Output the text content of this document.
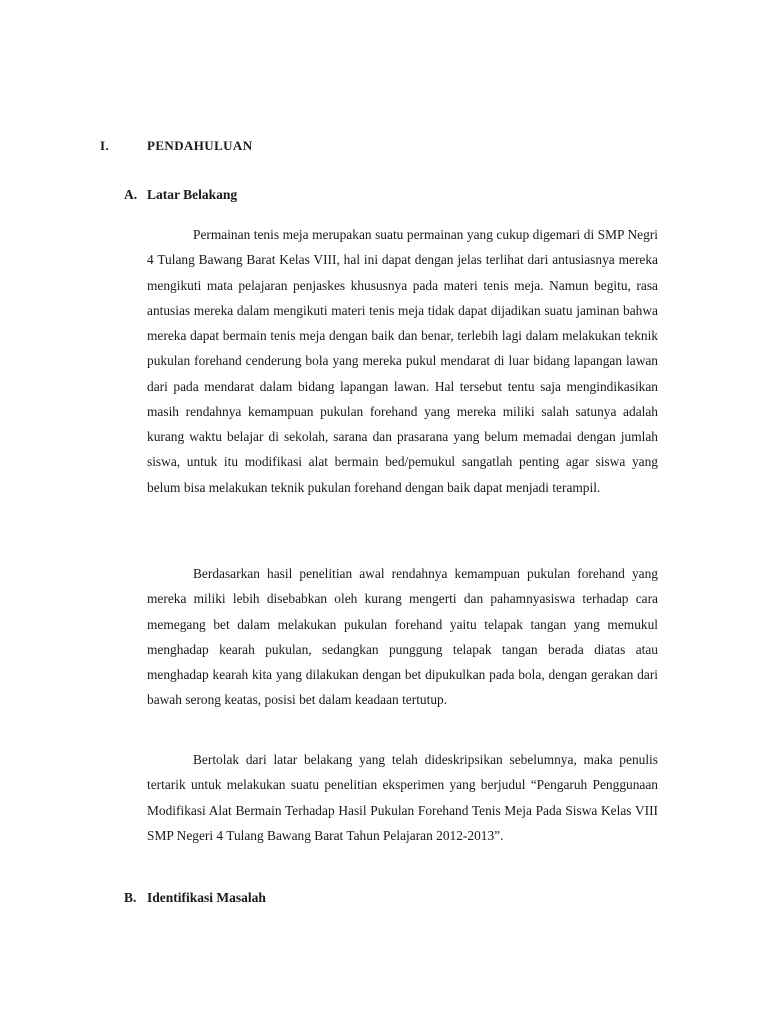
I.	PENDAHULUAN
A. Latar Belakang

Permainan tenis meja merupakan suatu permainan yang cukup digemari di SMP Negri 4 Tulang Bawang Barat Kelas VIII, hal ini dapat dengan jelas terlihat dari antusiasnya mereka mengikuti mata pelajaran penjaskes khususnya pada materi tenis meja. Namun begitu, rasa antusias mereka dalam mengikuti materi tenis meja tidak dapat dijadikan suatu jaminan bahwa mereka dapat bermain tenis meja dengan baik dan benar, terlebih lagi dalam melakukan teknik pukulan forehand cenderung bola yang mereka pukul mendarat di luar bidang lapangan lawan dari pada mendarat dalam bidang lapangan lawan. Hal tersebut tentu saja mengindikasikan masih rendahnya kemampuan pukulan forehand yang mereka miliki salah satunya adalah kurang waktu belajar di sekolah, sarana dan prasarana yang belum memadai dengan jumlah siswa, untuk itu modifikasi alat bermain bed/pemukul sangatlah penting agar siswa yang belum bisa melakukan teknik pukulan forehand dengan baik dapat menjadi terampil.

Berdasarkan hasil penelitian awal rendahnya kemampuan pukulan forehand yang mereka miliki lebih disebabkan oleh kurang mengerti dan pahamnyasiswa terhadap cara memegang bet dalam melakukan pukulan forehand yaitu telapak tangan yang memukul menghadap kearah pukulan, sedangkan punggung telapak tangan berada diatas atau menghadap kearah kita yang dilakukan dengan bet dipukulkan pada bola, dengan gerakan dari bawah serong keatas, posisi bet dalam keadaan tertutup.

Bertolak dari latar belakang yang telah dideskripsikan sebelumnya, maka penulis tertarik untuk melakukan suatu penelitian eksperimen yang berjudul “Pengaruh Penggunaan Modifikasi Alat Bermain Terhadap Hasil Pukulan Forehand Tenis Meja Pada Siswa Kelas VIII SMP Negeri 4 Tulang Bawang Barat Tahun Pelajaran 2012-2013”.

B. Identifikasi Masalah
